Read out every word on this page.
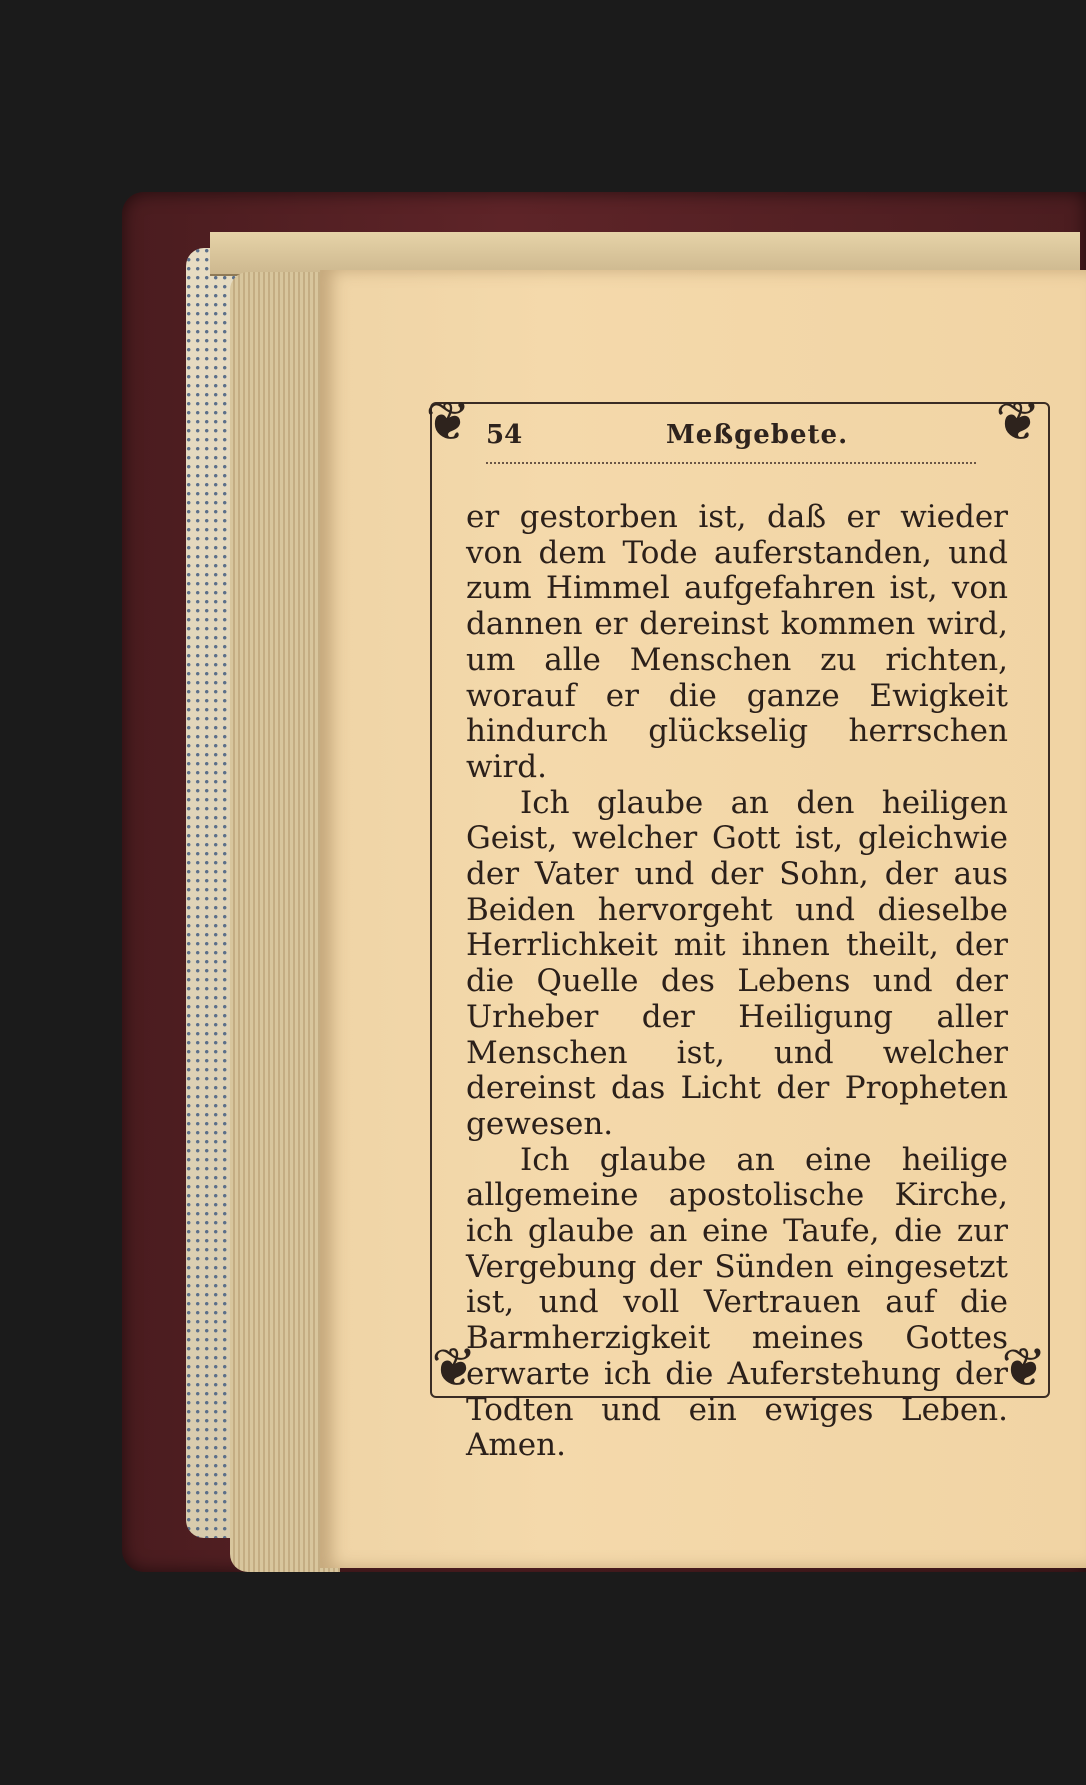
❦	❦
❦	❦
54	Meßgebete.

er gestorben ist, daß er wieder von dem Tode auferstanden, und zum Himmel aufgefahren ist, von dannen er dereinst kommen wird, um alle Menschen zu richten, worauf er die ganze Ewigkeit hindurch glückselig herrschen wird.

Ich glaube an den heiligen Geist, welcher Gott ist, gleichwie der Vater und der Sohn, der aus Beiden hervorgeht und dieselbe Herrlichkeit mit ihnen theilt, der die Quelle des Lebens und der Urheber der Heiligung aller Menschen ist, und welcher dereinst das Licht der Propheten gewesen.

Ich glaube an eine heilige allgemeine apostolische Kirche, ich glaube an eine Taufe, die zur Vergebung der Sünden eingesetzt ist, und voll Vertrauen auf die Barmherzigkeit meines Gottes erwarte ich die Auferstehung der Todten und ein ewiges Leben. Amen.
